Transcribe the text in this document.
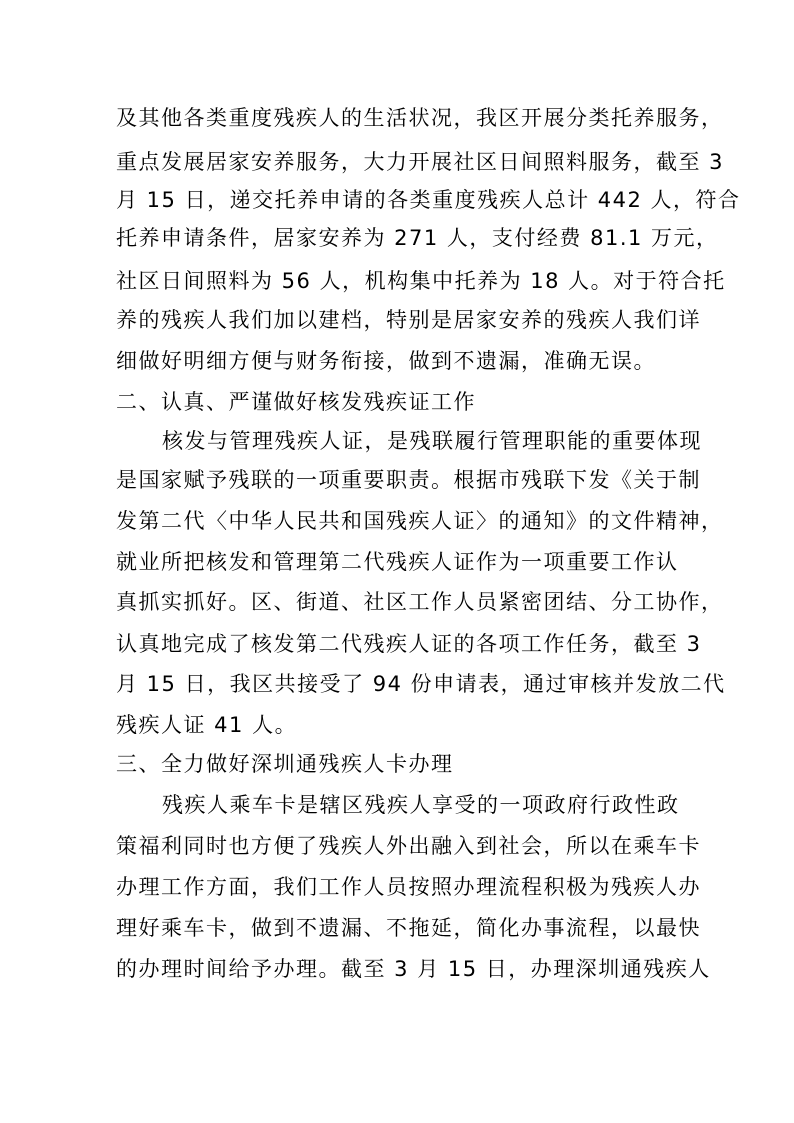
及其他各类重度残疾人的生活状况，我区开展分类托养服务，
重点发展居家安养服务，大力开展社区日间照料服务，截至 3
月 15 日，递交托养申请的各类重度残疾人总计 442 人，符合
托养申请条件，居家安养为 271 人，支付经费 81.1 万元，
社区日间照料为 56 人，机构集中托养为 18 人。对于符合托
养的残疾人我们加以建档，特别是居家安养的残疾人我们详
细做好明细方便与财务衔接，做到不遗漏，准确无误。
二、认真、严谨做好核发残疾证工作
核发与管理残疾人证，是残联履行管理职能的重要体现
是国家赋予残联的一项重要职责。根据市残联下发《关于制
发第二代〈中华人民共和国残疾人证〉的通知》的文件精神，
就业所把核发和管理第二代残疾人证作为一项重要工作认
真抓实抓好。区、街道、社区工作人员紧密团结、分工协作，
认真地完成了核发第二代残疾人证的各项工作任务，截至 3
月 15 日，我区共接受了 94 份申请表，通过审核并发放二代
残疾人证 41 人。
三、全力做好深圳通残疾人卡办理
残疾人乘车卡是辖区残疾人享受的一项政府行政性政
策福利同时也方便了残疾人外出融入到社会，所以在乘车卡
办理工作方面，我们工作人员按照办理流程积极为残疾人办
理好乘车卡，做到不遗漏、不拖延，简化办事流程，以最快
的办理时间给予办理。截至 3 月 15 日，办理深圳通残疾人
